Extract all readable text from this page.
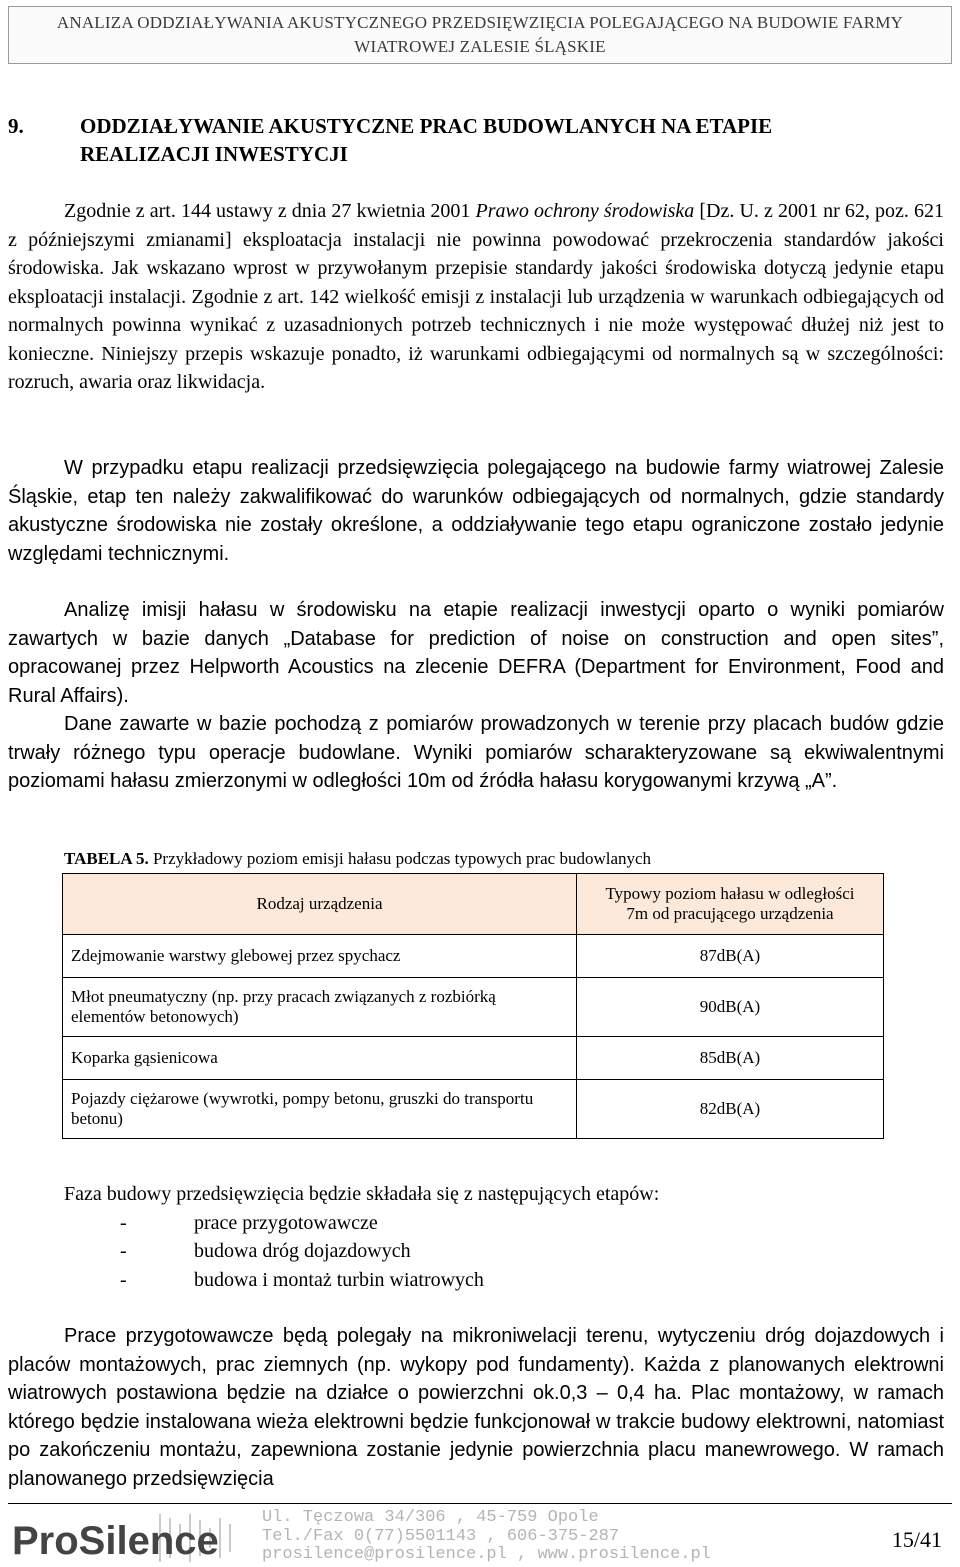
ANALIZA ODDZIAŁYWANIA AKUSTYCZNEGO PRZEDSIĘWZIĘCIA POLEGAJĄCEGO NA BUDOWIE FARMY
WIATROWEJ ZALESIE ŚLĄSKIE
9.	ODDZIAŁYWANIE AKUSTYCZNE PRAC BUDOWLANYCH NA ETAPIE
REALIZACJI INWESTYCJI
Zgodnie z art. 144 ustawy z dnia 27 kwietnia 2001 Prawo ochrony środowiska [Dz. U. z 2001 nr 62, poz. 621 z późniejszymi zmianami] eksploatacja instalacji nie powinna powodować przekroczenia standardów jakości środowiska. Jak wskazano wprost w przywołanym przepisie standardy jakości środowiska dotyczą jedynie etapu eksploatacji instalacji. Zgodnie z art. 142 wielkość emisji z instalacji lub urządzenia w warunkach odbiegających od normalnych powinna wynikać z uzasadnionych potrzeb technicznych i nie może występować dłużej niż jest to konieczne. Niniejszy przepis wskazuje ponadto, iż warunkami odbiegającymi od normalnych są w szczególności: rozruch, awaria oraz likwidacja.
W przypadku etapu realizacji przedsięwzięcia polegającego na budowie farmy wiatrowej Zalesie Śląskie, etap ten należy zakwalifikować do warunków odbiegających od normalnych, gdzie standardy akustyczne środowiska nie zostały określone, a oddziaływanie tego etapu ograniczone zostało jedynie względami technicznymi.
Analizę imisji hałasu w środowisku na etapie realizacji inwestycji oparto o wyniki pomiarów zawartych w bazie danych „Database for prediction of noise on construction and open sites”, opracowanej przez Helpworth Acoustics na zlecenie DEFRA (Department for Environment, Food and Rural Affairs).
Dane zawarte w bazie pochodzą z pomiarów prowadzonych w terenie przy placach budów gdzie trwały różnego typu operacje budowlane. Wyniki pomiarów scharakteryzowane są ekwiwalentnymi poziomami hałasu zmierzonymi w odległości 10m od źródła hałasu korygowanymi krzywą „A”.
TABELA 5. Przykładowy poziom emisji hałasu podczas typowych prac budowlanych
Rodzaj urządzenia	Typowy poziom hałasu w odległości
7m od pracującego urządzenia

Zdejmowanie warstwy glebowej przez spychacz	87dB(A)
Młot pneumatyczny (np. przy pracach związanych z rozbiórką elementów betonowych)	90dB(A)
Koparka gąsienicowa	85dB(A)
Pojazdy ciężarowe (wywrotki, pompy betonu, gruszki do transportu betonu)	82dB(A)
Faza budowy przedsięwzięcia będzie składała się z następujących etapów:
-	prace przygotowawcze
-	budowa dróg dojazdowych
-	budowa i montaż turbin wiatrowych
Prace przygotowawcze będą polegały na mikroniwelacji terenu, wytyczeniu dróg dojazdowych i placów montażowych, prac ziemnych (np. wykopy pod fundamenty). Każda z planowanych elektrowni wiatrowych postawiona będzie na działce o powierzchni ok.0,3 – 0,4 ha. Plac montażowy, w ramach którego będzie instalowana wieża elektrowni będzie funkcjonował w trakcie budowy elektrowni, natomiast po zakończeniu montażu, zapewniona zostanie jedynie powierzchnia placu manewrowego. W ramach planowanego przedsięwzięcia
ProSilence
Ul. Tęczowa 34/306 , 45-759 Opole
Tel./Fax 0(77)5501143 , 606-375-287
prosilence@prosilence.pl , www.prosilence.pl
15/41
